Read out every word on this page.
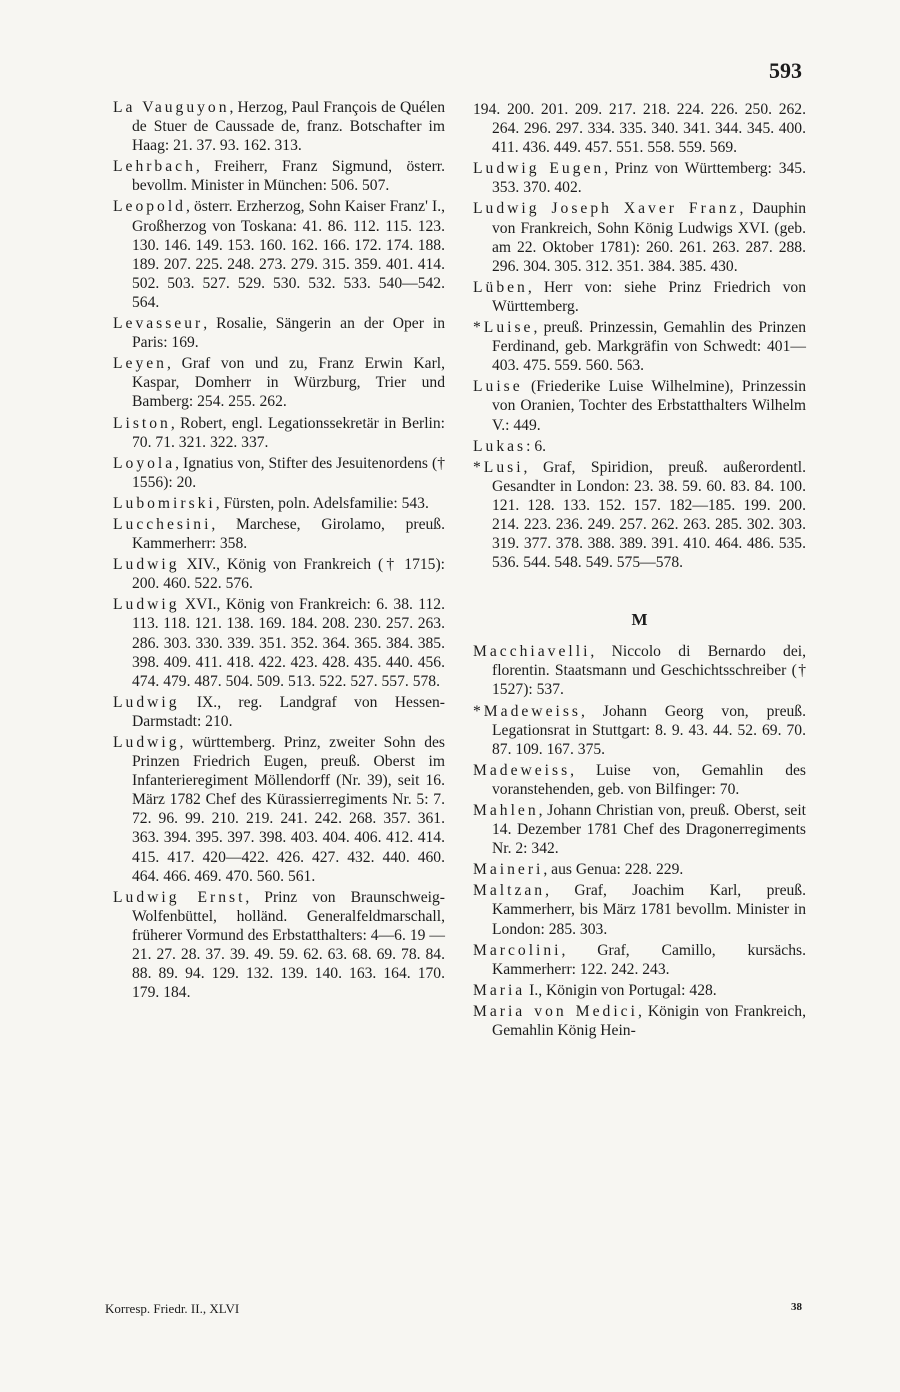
593

La Vauguyon, Herzog, Paul François de Quélen de Stuer de Caussade de, franz. Botschafter im Haag: 21. 37. 93. 162. 313.

Lehrbach, Freiherr, Franz Sigmund, österr. bevollm. Minister in München: 506. 507.

Leopold, österr. Erzherzog, Sohn Kaiser Franz' I., Großherzog von Toskana: 41. 86. 112. 115. 123. 130. 146. 149. 153. 160. 162. 166. 172. 174. 188. 189. 207. 225. 248. 273. 279. 315. 359. 401. 414. 502. 503. 527. 529. 530. 532. 533. 540—542. 564.

Levasseur, Rosalie, Sängerin an der Oper in Paris: 169.

Leyen, Graf von und zu, Franz Erwin Karl, Kaspar, Domherr in Würzburg, Trier und Bamberg: 254. 255. 262.

Liston, Robert, engl. Legationssekretär in Berlin: 70. 71. 321. 322. 337.

Loyola, Ignatius von, Stifter des Jesuitenordens († 1556): 20.

Lubomirski, Fürsten, poln. Adelsfamilie: 543.

Lucchesini, Marchese, Girolamo, preuß. Kammerherr: 358.

Ludwig XIV., König von Frankreich († 1715): 200. 460. 522. 576.

Ludwig XVI., König von Frankreich: 6. 38. 112. 113. 118. 121. 138. 169. 184. 208. 230. 257. 263. 286. 303. 330. 339. 351. 352. 364. 365. 384. 385. 398. 409. 411. 418. 422. 423. 428. 435. 440. 456. 474. 479. 487. 504. 509. 513. 522. 527. 557. 578.

Ludwig IX., reg. Landgraf von Hessen-Darmstadt: 210.

Ludwig, württemberg. Prinz, zweiter Sohn des Prinzen Friedrich Eugen, preuß. Oberst im Infanterieregiment Möllendorff (Nr. 39), seit 16. März 1782 Chef des Kürassierregiments Nr. 5: 7. 72. 96. 99. 210. 219. 241. 242. 268. 357. 361. 363. 394. 395. 397. 398. 403. 404. 406. 412. 414. 415. 417. 420—422. 426. 427. 432. 440. 460. 464. 466. 469. 470. 560. 561.

Ludwig Ernst, Prinz von Braunschweig-Wolfenbüttel, holländ. Generalfeldmarschall, früherer Vormund des Erbstatthalters: 4—6. 19 —21. 27. 28. 37. 39. 49. 59. 62. 63. 68. 69. 78. 84. 88. 89. 94. 129. 132. 139. 140. 163. 164. 170. 179. 184.

194. 200. 201. 209. 217. 218. 224. 226. 250. 262. 264. 296. 297. 334. 335. 340. 341. 344. 345. 400. 411. 436. 449. 457. 551. 558. 559. 569.

Ludwig Eugen, Prinz von Württemberg: 345. 353. 370. 402.

Ludwig Joseph Xaver Franz, Dauphin von Frankreich, Sohn König Ludwigs XVI. (geb. am 22. Oktober 1781): 260. 261. 263. 287. 288. 296. 304. 305. 312. 351. 384. 385. 430.

Lüben, Herr von: siehe Prinz Friedrich von Württemberg.

*Luise, preuß. Prinzessin, Gemahlin des Prinzen Ferdinand, geb. Markgräfin von Schwedt: 401—403. 475. 559. 560. 563.

Luise (Friederike Luise Wilhelmine), Prinzessin von Oranien, Tochter des Erbstatthalters Wilhelm V.: 449.

Lukas: 6.

*Lusi, Graf, Spiridion, preuß. außerordentl. Gesandter in London: 23. 38. 59. 60. 83. 84. 100. 121. 128. 133. 152. 157. 182—185. 199. 200. 214. 223. 236. 249. 257. 262. 263. 285. 302. 303. 319. 377. 378. 388. 389. 391. 410. 464. 486. 535. 536. 544. 548. 549. 575—578.

M

Macchiavelli, Niccolo di Bernardo dei, florentin. Staatsmann und Geschichtsschreiber († 1527): 537.

*Madeweiss, Johann Georg von, preuß. Legationsrat in Stuttgart: 8. 9. 43. 44. 52. 69. 70. 87. 109. 167. 375.

Madeweiss, Luise von, Gemahlin des voranstehenden, geb. von Bilfinger: 70.

Mahlen, Johann Christian von, preuß. Oberst, seit 14. Dezember 1781 Chef des Dragonerregiments Nr. 2: 342.

Maineri, aus Genua: 228. 229.

Maltzan, Graf, Joachim Karl, preuß. Kammerherr, bis März 1781 bevollm. Minister in London: 285. 303.

Marcolini, Graf, Camillo, kursächs. Kammerherr: 122. 242. 243.

Maria I., Königin von Portugal: 428.

Maria von Medici, Königin von Frankreich, Gemahlin König Hein-

Korresp. Friedr. II., XLVI	38
